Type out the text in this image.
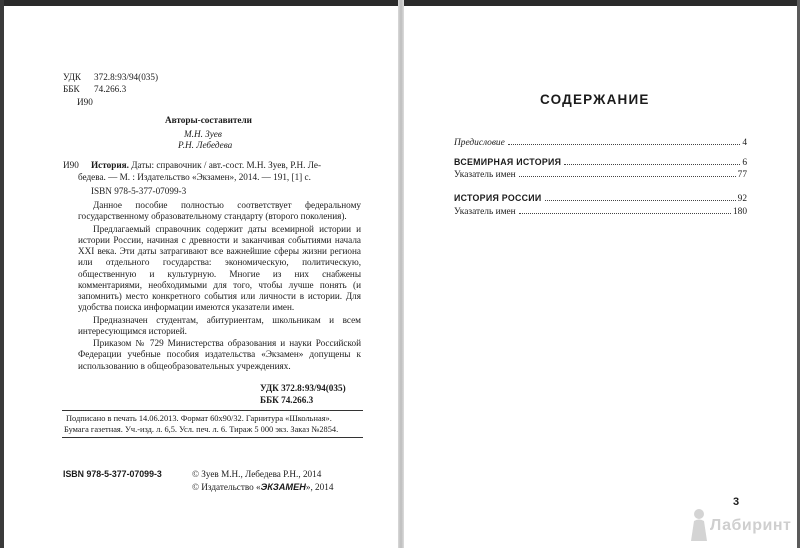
УДК 372.8:93/94(035)
ББК 74.266.3
И90
Авторы-составители
М.Н. Зуев
Р.Н. Лебедева
И90 История. Даты: справочник / авт.-сост. М.Н. Зуев, Р.Н. Ле-
бедева. — М. : Издательство «Экзамен», 2014. — 191, [1] с.
ISBN 978-5-377-07099-3

Данное пособие полностью соответствует федеральному государственному образовательному стандарту (второго поколения).

Предлагаемый справочник содержит даты всемирной истории и истории России, начиная с древности и заканчивая событиями начала XXI века. Эти даты затрагивают все важнейшие сферы жизни региона или отдельного государства: экономическую, политическую, общественную и культурную. Многие из них снабжены комментариями, необходимыми для того, чтобы лучше понять (и запомнить) место конкретного события или личности в истории. Для удобства поиска информации имеются указатели имен.

Предназначен студентам, абитуриентам, школьникам и всем интересующимся историей.

Приказом № 729 Министерства образования и науки Российской Федерации учебные пособия издательства «Экзамен» допущены к использованию в общеобразовательных учреждениях.

УДК 372.8:93/94(035)
ББК 74.266.3
Подписано в печать 14.06.2013. Формат 60х90/32. Гарнитура «Школьная».
Бумага газетная. Уч.-изд. л. 6,5. Усл. печ. л. 6. Тираж 5 000 экз. Заказ №2854.
ISBN 978-5-377-07099-3	© Зуев М.Н., Лебедева Р.Н., 2014
© Издательство «ЭКЗАМЕН», 2014
СОДЕРЖАНИЕ
Предисловие	4
ВСЕМИРНАЯ ИСТОРИЯ	6
Указатель имен	77
ИСТОРИЯ РОССИИ	92
Указатель имен	180
3
Лабиринт
